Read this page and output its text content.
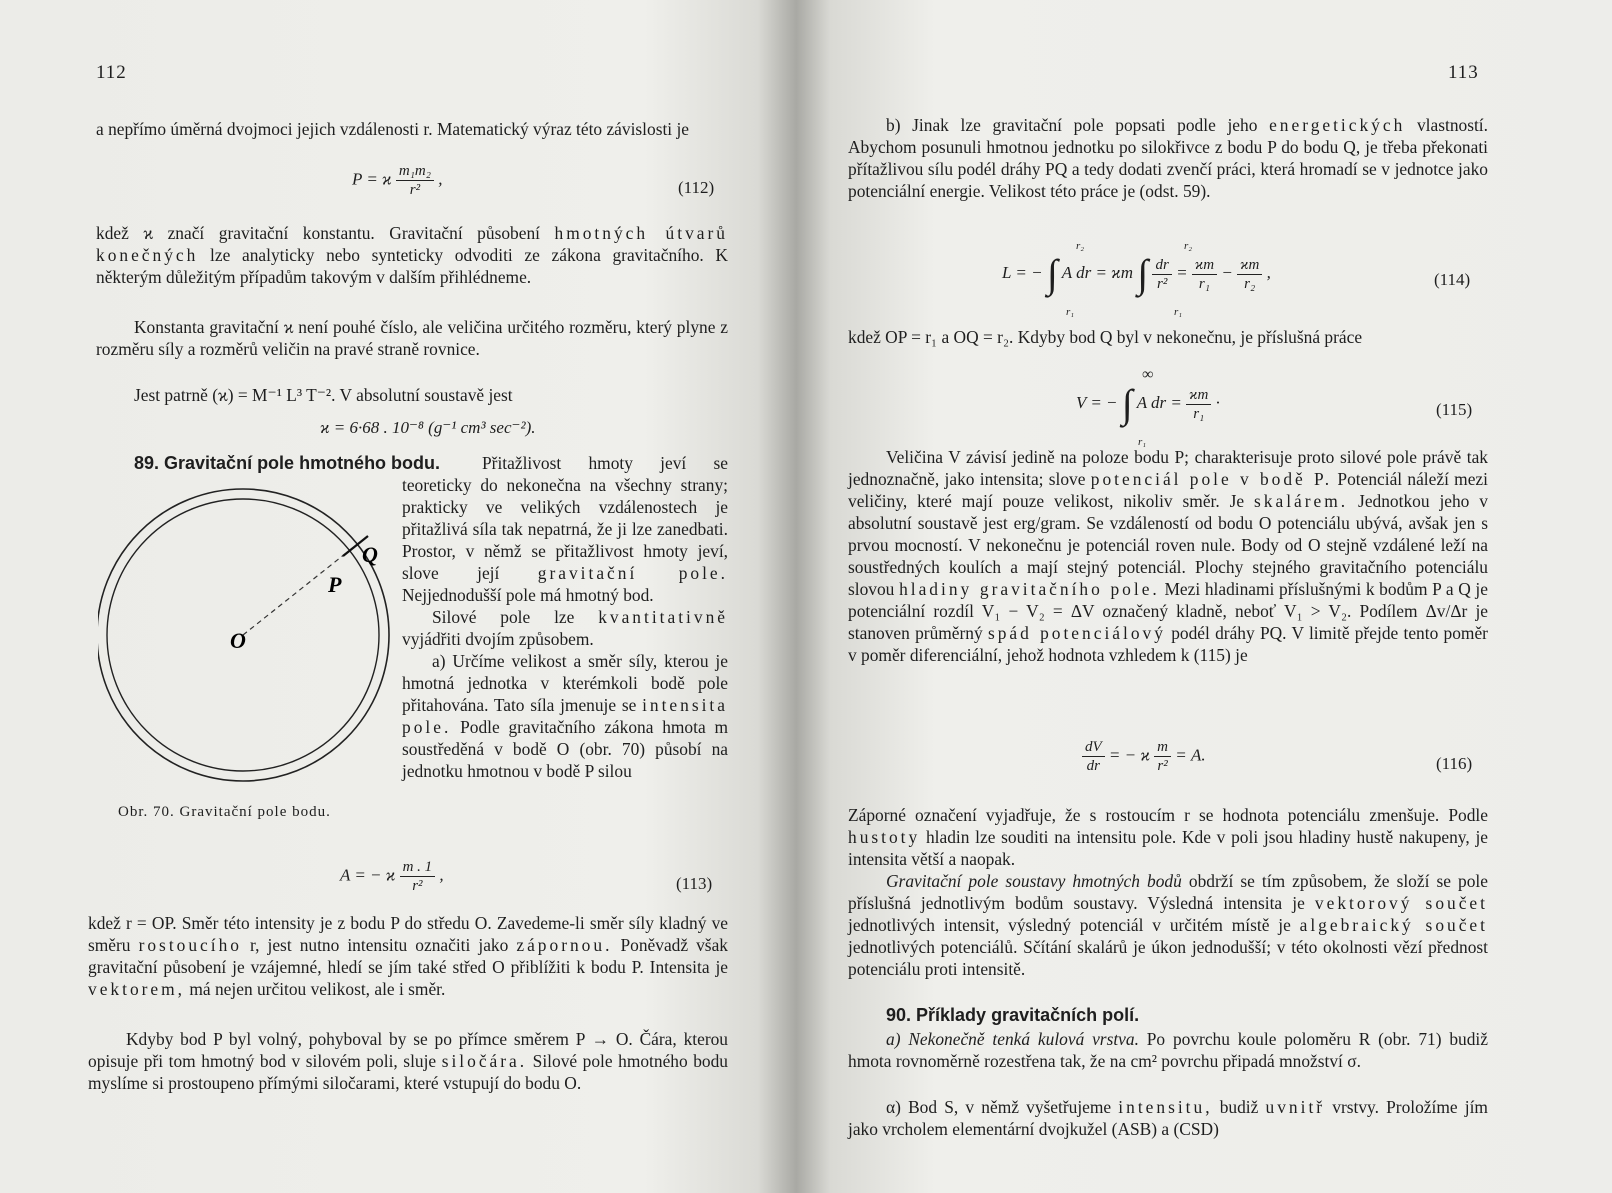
112
a nepřímo úměrná dvojmoci jejich vzdálenosti r. Matematický výraz této závislosti je
P = ϰ $\frac{\text{m₁m₂}}{\text{r²}}$ ,	(112)
kdež ϰ značí gravitační konstantu. Gravitační působení hmotných útvarů konečných lze analyticky nebo synteticky odvoditi ze zákona gravitačního. K některým důležitým případům takovým v dalším přihlédneme.
Konstanta gravitační ϰ není pouhé číslo, ale veličina určitého rozměru, který plyne z rozměru síly a rozměrů veličin na pravé straně rovnice.
Jest patrně (ϰ) = M⁻¹ L³ T⁻². V absolutní soustavě jest
ϰ = 6·68 . 10⁻⁸ (g⁻¹ cm³ sec⁻²).
89. Gravitační pole hmotného bodu.	Přitažlivost hmoty jeví se teoreticky do nekonečna na všechny strany; prakticky ve velikých vzdálenostech je přitažlivá síla tak nepatrná, že ji lze zanedbati. Prostor, v němž se přitažlivost hmoty jeví, slove její gravitační pole. Nejjednodušší pole má hmotný bod.
Silové pole lze kvantitativně vyjádřiti dvojím způsobem.
a) Určíme velikost a směr síly, kterou je hmotná jednotka v kterémkoli bodě pole přitahována. Tato síla jmenuje se intensita pole. Podle gravitačního zákona hmota m soustředěná v bodě O (obr. 70) působí na jednotku hmotnou v bodě P silou
O
P
Q
Obr. 70. Gravitační pole bodu.
A = − ϰ $\frac{m . 1}{\text{r²}}$ ,	(113)
kdež r = OP. Směr této intensity je z bodu P do středu O. Zavedeme-li směr síly kladný ve směru rostoucího r, jest nutno intensitu označiti jako zápornou. Poněvadž však gravitační působení je vzájemné, hledí se jím také střed O přiblížiti k bodu P. Intensita je vektorem, má nejen určitou velikost, ale i směr.
Kdyby bod P byl volný, pohyboval by se po přímce směrem P → O. Čára, kterou opisuje při tom hmotný bod v silovém poli, sluje siločára. Silové pole hmotného bodu myslíme si prostoupeno přímými siločarami, které vstupují do bodu O.
113
b) Jinak lze gravitační pole popsati podle jeho energetických vlastností. Abychom posunuli hmotnou jednotku po silokřivce z bodu P do bodu Q, je třeba překonati přítažlivou sílu podél dráhy PQ a tedy dodati zvenčí práci, která hromadí se v jednotce jako potenciální energie. Velikost této práce je (odst. 59).
L = − ∫ A dr = ϰm ∫ $\frac{dr}{\text{r²}} = \frac{ϰm}{\text{r₁}} - \frac{ϰm}{\text{r₂}}$ ,
r₂
r₁
r₂
r₁
(114)
kdež OP = r₁ a OQ = r₂. Kdyby bod Q byl v nekonečnu, je příslušná práce
V = − ∫ A dr = $\frac{ϰm}{\text{r₁}}$ ·
∞
r₁
(115)
Veličina V závisí jedině na poloze bodu P; charakterisuje proto silové pole právě tak jednoznačně, jako intensita; slove potenciál pole v bodě P. Potenciál náleží mezi veličiny, které mají pouze velikost, nikoliv směr. Je skalárem. Jednotkou jeho v absolutní soustavě jest erg/gram. Se vzdáleností od bodu O potenciálu ubývá, avšak jen s prvou mocností. V nekonečnu je potenciál roven nule. Body od O stejně vzdálené leží na soustředných koulích a mají stejný potenciál. Plochy stejného gravitačního potenciálu slovou hladiny gravitačního pole. Mezi hladinami příslušnými k bodům P a Q je potenciální rozdíl V₁ − V₂ = ΔV označený kladně, neboť V₁ > V₂. Podílem Δv/Δr je stanoven průměrný spád potenciálový podél dráhy PQ. V limitě přejde tento poměr v poměr diferenciální, jehož hodnota vzhledem k (115) je
$\frac{dV}{dr}$ = − ϰ $\frac{m}{\text{r²}} = A$.	(116)
Záporné označení vyjadřuje, že s rostoucím r se hodnota potenciálu zmenšuje. Podle hustoty hladin lze souditi na intensitu pole. Kde v poli jsou hladiny hustě nakupeny, je intensita větší a naopak.
Gravitační pole soustavy hmotných bodů obdrží se tím způsobem, že složí se pole příslušná jednotlivým bodům soustavy. Výsledná intensita je vektorový součet jednotlivých intensit, výsledný potenciál v určitém místě je algebraický součet jednotlivých potenciálů. Sčítání skalárů je úkon jednodušší; v této okolnosti vězí přednost potenciálu proti intensitě.
90. Příklady gravitačních polí.
a) Nekonečně tenká kulová vrstva. Po povrchu koule poloměru R (obr. 71) budiž hmota rovnoměrně rozestřena tak, že na cm² povrchu připadá množství σ.
α) Bod S, v němž vyšetřujeme intensitu, budiž uvnitř vrstvy. Proložíme jím jako vrcholem elementární dvojkužel (ASB) a (CSD)
